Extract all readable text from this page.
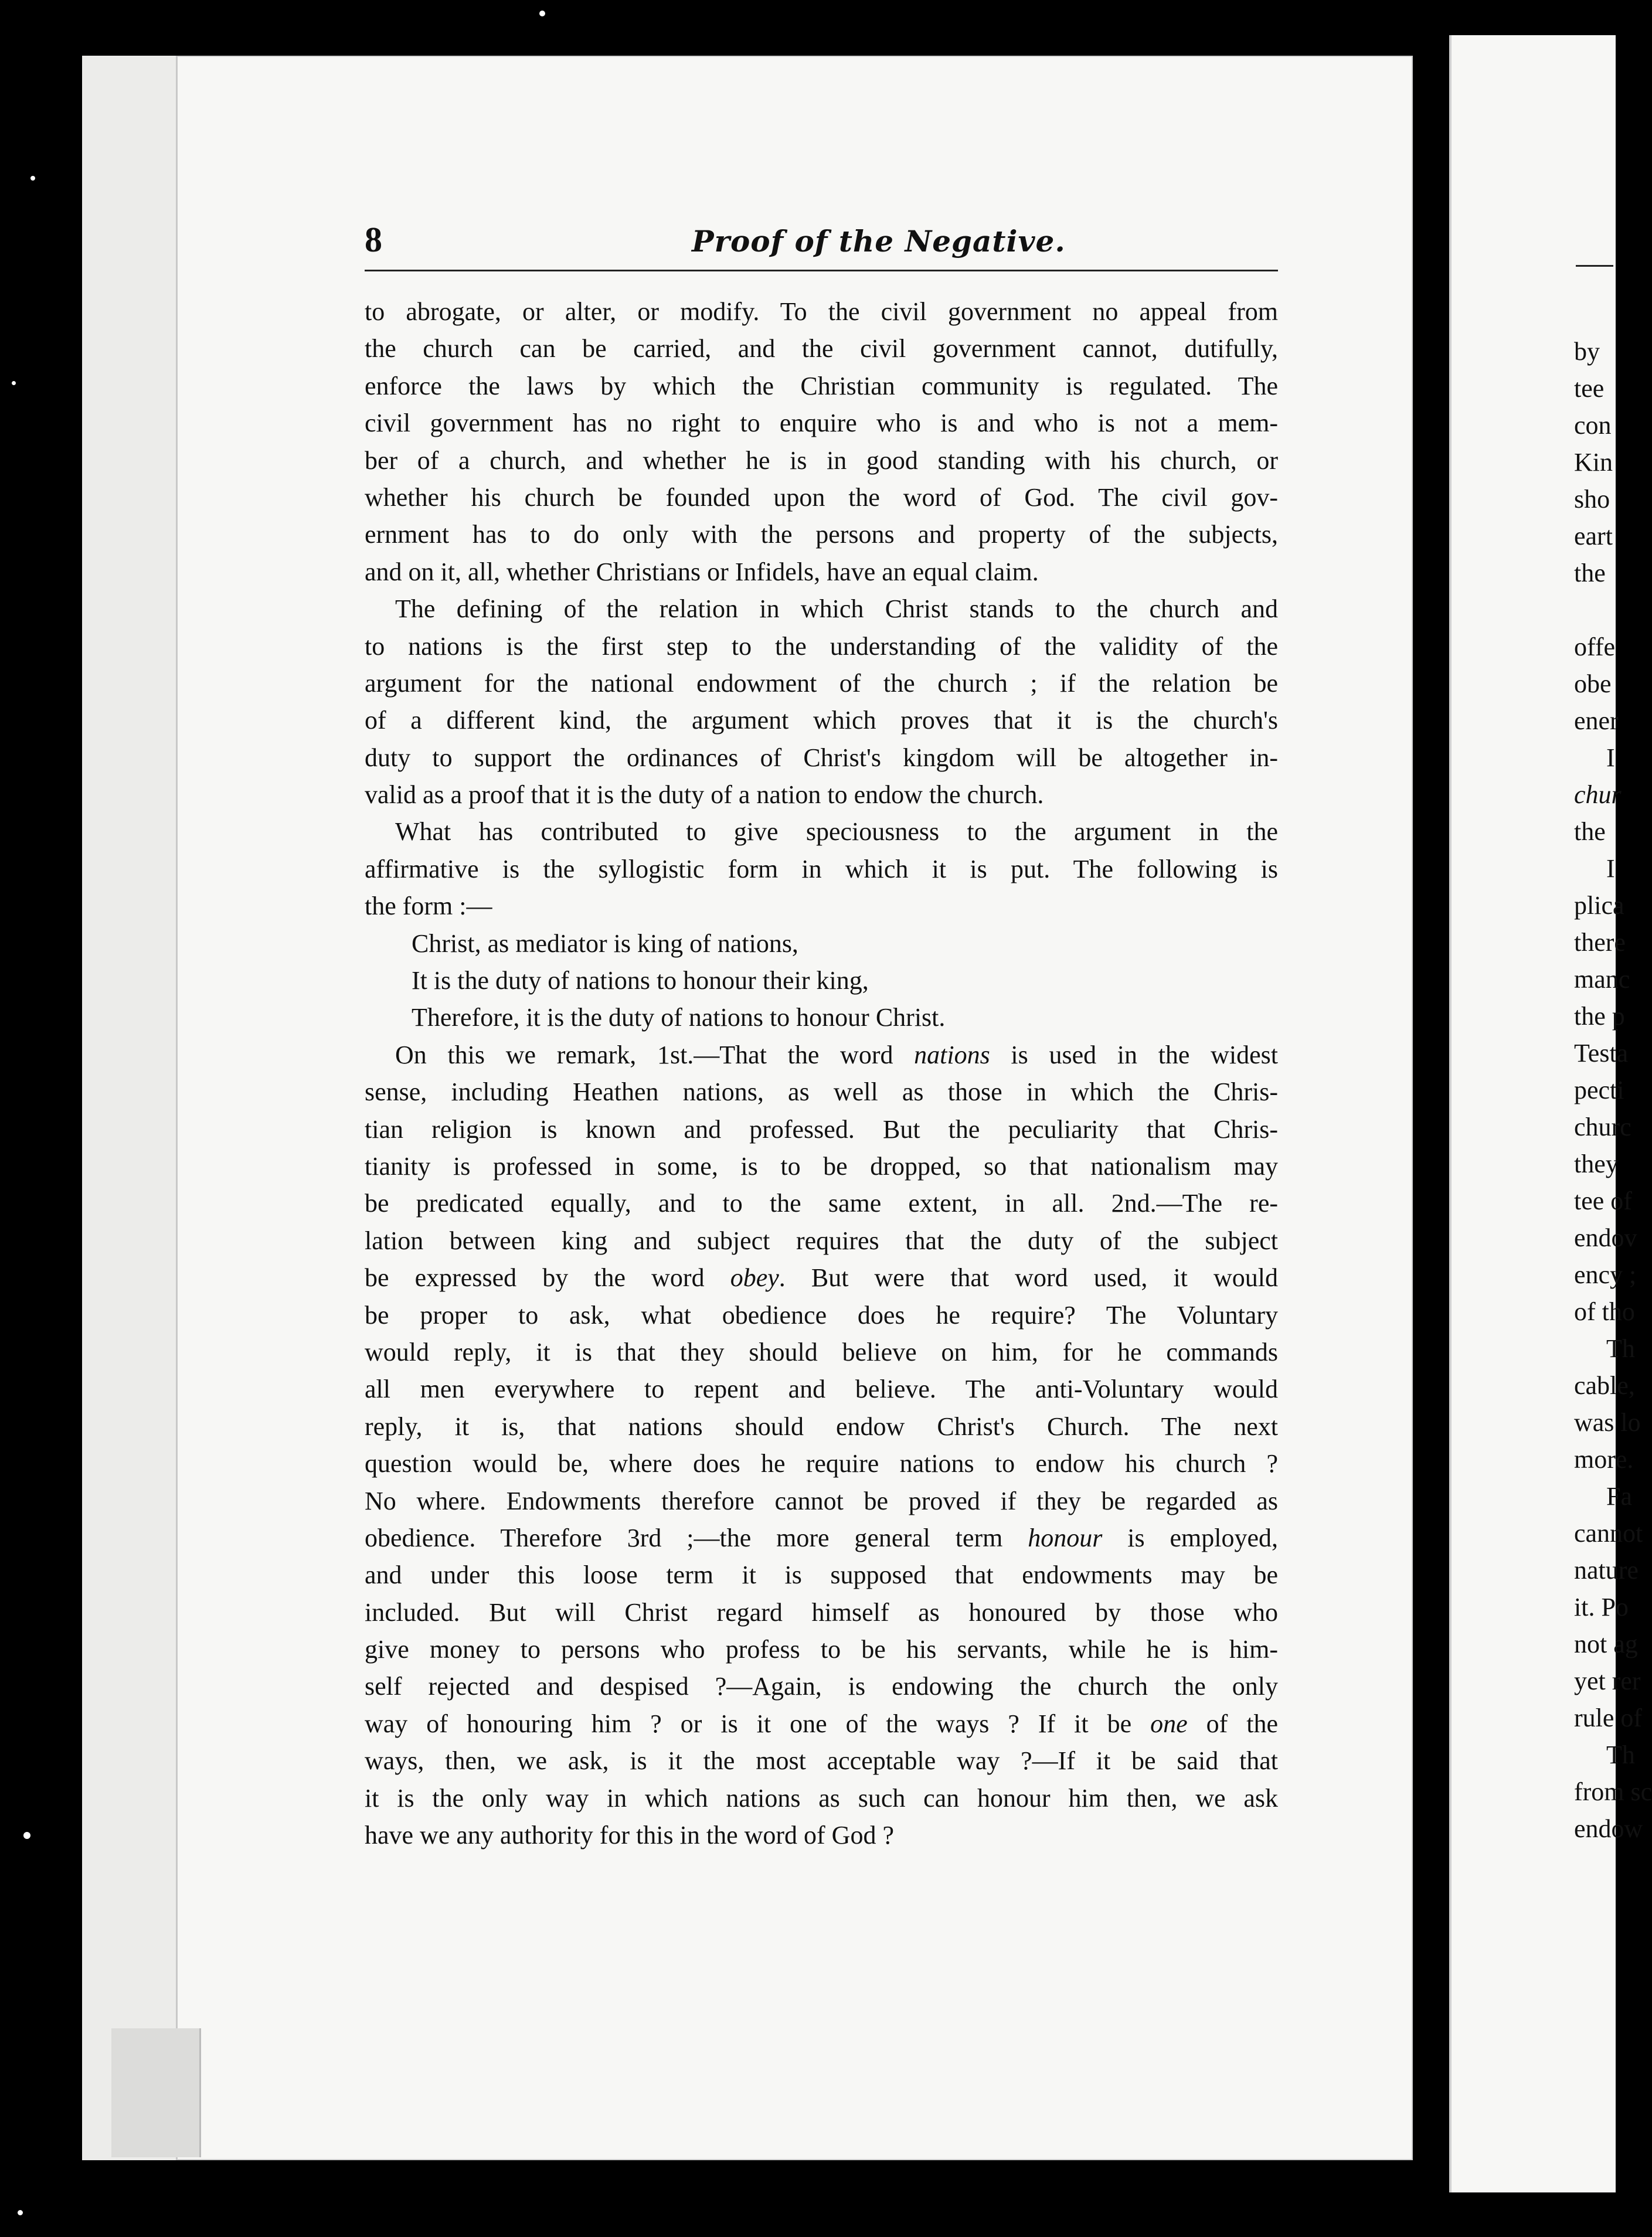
8	Proof of the Negative.
to abrogate, or alter, or modify. To the civil government no appeal from
the church can be carried, and the civil government cannot, dutifully,
enforce the laws by which the Christian community is regulated. The
civil government has no right to enquire who is and who is not a mem-
ber of a church, and whether he is in good standing with his church, or
whether his church be founded upon the word of God. The civil gov-
ernment has to do only with the persons and property of the subjects,
and on it, all, whether Christians or Infidels, have an equal claim.
The defining of the relation in which Christ stands to the church and
to nations is the first step to the understanding of the validity of the
argument for the national endowment of the church ; if the relation be
of a different kind, the argument which proves that it is the church's
duty to support the ordinances of Christ's kingdom will be altogether in-
valid as a proof that it is the duty of a nation to endow the church.
What has contributed to give speciousness to the argument in the
affirmative is the syllogistic form in which it is put. The following is
the form :—
Christ, as mediator is king of nations,
It is the duty of nations to honour their king,
Therefore, it is the duty of nations to honour Christ.
On this we remark, 1st.—That the word nations is used in the widest
sense, including Heathen nations, as well as those in which the Chris-
tian religion is known and professed. But the peculiarity that Chris-
tianity is professed in some, is to be dropped, so that nationalism may
be predicated equally, and to the same extent, in all. 2nd.—The re-
lation between king and subject requires that the duty of the subject
be expressed by the word obey. But were that word used, it would
be proper to ask, what obedience does he require? The Voluntary
would reply, it is that they should believe on him, for he commands
all men everywhere to repent and believe. The anti-Voluntary would
reply, it is, that nations should endow Christ's Church. The next
question would be, where does he require nations to endow his church ?
No where. Endowments therefore cannot be proved if they be regarded as
obedience. Therefore 3rd ;—the more general term honour is employed,
and under this loose term it is supposed that endowments may be
included. But will Christ regard himself as honoured by those who
give money to persons who profess to be his servants, while he is him-
self rejected and despised ?—Again, is endowing the church the only
way of honouring him ? or is it one of the ways ? If it be one of the
ways, then, we ask, is it the most acceptable way ?—If it be said that
it is the only way in which nations as such can honour him then, we ask
have we any authority for this in the word of God ?
by
tee
con
Kin
sho
eart
the
offe
obe
ener
I
chur
the
I
plica
there
manc
the p
Testa
pecti
churc
they
tee of
endov
ency ;
of tho
Th
cable,
was lo
more.
Fa
cannot
nature
it. Po
not ag
yet rer
rule of
Th
from sc
endow
